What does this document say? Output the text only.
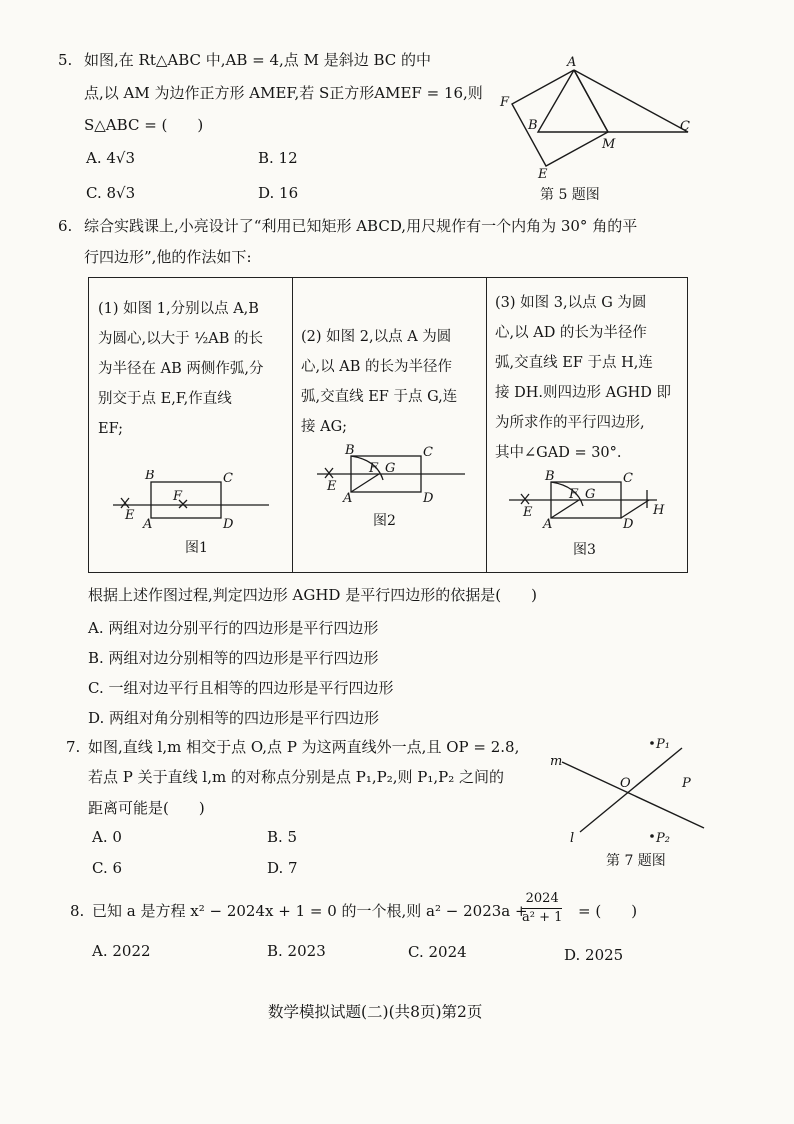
5. 如图,在 Rt△ABC 中,AB = 4,点 M 是斜边 BC 的中
点,以 AM 为边作正方形 AMEF,若 S正方形AMEF = 16,则
S△ABC = (　　)
A. 4√3	B. 12
C. 8√3	D. 16
A
B	C
M
E
F
第 5 题图
6. 综合实践课上,小亮设计了“利用已知矩形 ABCD,用尺规作有一个内角为 30° 角的平
行四边形”,他的作法如下:
(1) 如图 1,分别以点 A,B
为圆心,以大于 ½AB 的长
为半径在 AB 两侧作弧,分
别交于点 E,F,作直线
EF;
B	C
A	D
E
F
图1
(2) 如图 2,以点 A 为圆
心,以 AB 的长为半径作
弧,交直线 EF 于点 G,连
接 AG;
B	C
A	D
E
F G
图2
(3) 如图 3,以点 G 为圆
心,以 AD 的长为半径作
弧,交直线 EF 于点 H,连
接 DH.则四边形 AGHD 即
为所求作的平行四边形,
其中∠GAD = 30°.
B	C
A	D
E
F G
H
图3
根据上述作图过程,判定四边形 AGHD 是平行四边形的依据是(　　)
A. 两组对边分别平行的四边形是平行四边形
B. 两组对边分别相等的四边形是平行四边形
C. 一组对边平行且相等的四边形是平行四边形
D. 两组对角分别相等的四边形是平行四边形
7. 如图,直线 l,m 相交于点 O,点 P 为这两直线外一点,且 OP = 2.8,
若点 P 关于直线 l,m 的对称点分别是点 P₁,P₂,则 P₁,P₂ 之间的
距离可能是(　　)
A. 0	B. 5
C. 6	D. 7
m
l
O	P
P₁
P₂
第 7 题图
8. 已知 a 是方程 x² − 2024x + 1 = 0 的一个根,则 a² − 2023a +
$\frac{2024}{\text{a² + 1}}$ = (　　)
A. 2022	B. 2023	C. 2024	D. 2025
数学模拟试题(二)(共8页)第2页
